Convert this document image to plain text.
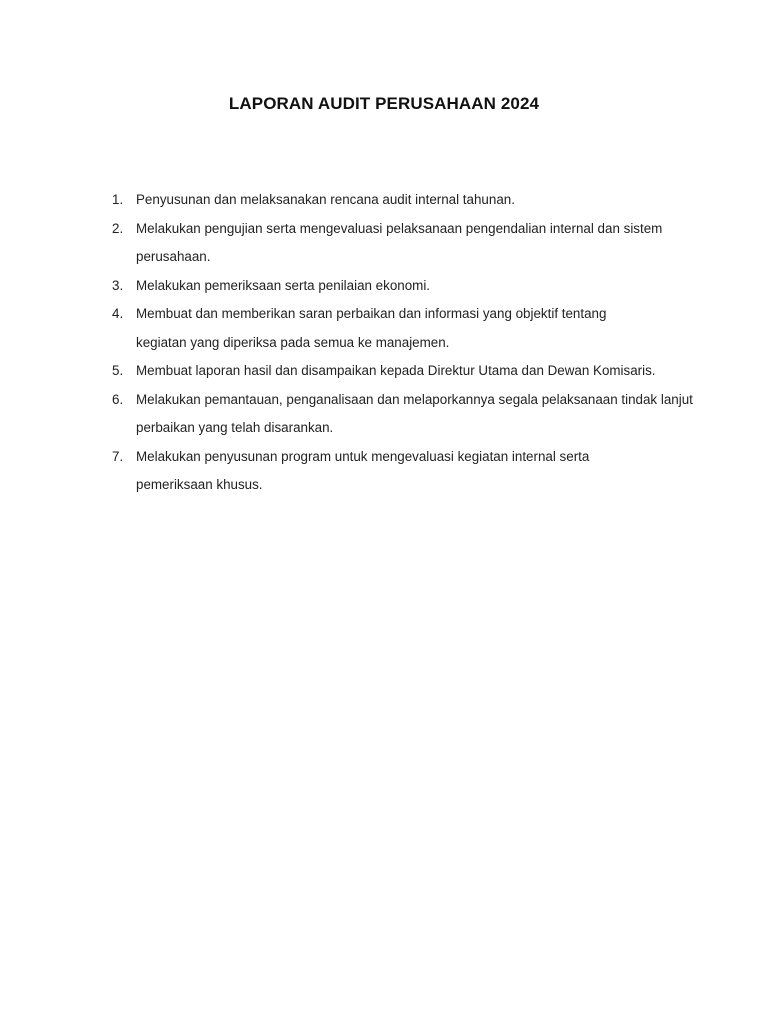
LAPORAN AUDIT PERUSAHAAN 2024
1. Penyusunan dan melaksanakan rencana audit internal tahunan.
2. Melakukan pengujian serta mengevaluasi pelaksanaan pengendalian internal dan sistem perusahaan.
3. Melakukan pemeriksaan serta penilaian ekonomi.
4. Membuat dan memberikan saran perbaikan dan informasi yang objektif tentang kegiatan yang diperiksa pada semua ke manajemen.
5. Membuat laporan hasil dan disampaikan kepada Direktur Utama dan Dewan Komisaris.
6. Melakukan pemantauan, penganalisaan dan melaporkannya segala pelaksanaan tindak lanjut perbaikan yang telah disarankan.
7. Melakukan penyusunan program untuk mengevaluasi kegiatan internal serta pemeriksaan khusus.
